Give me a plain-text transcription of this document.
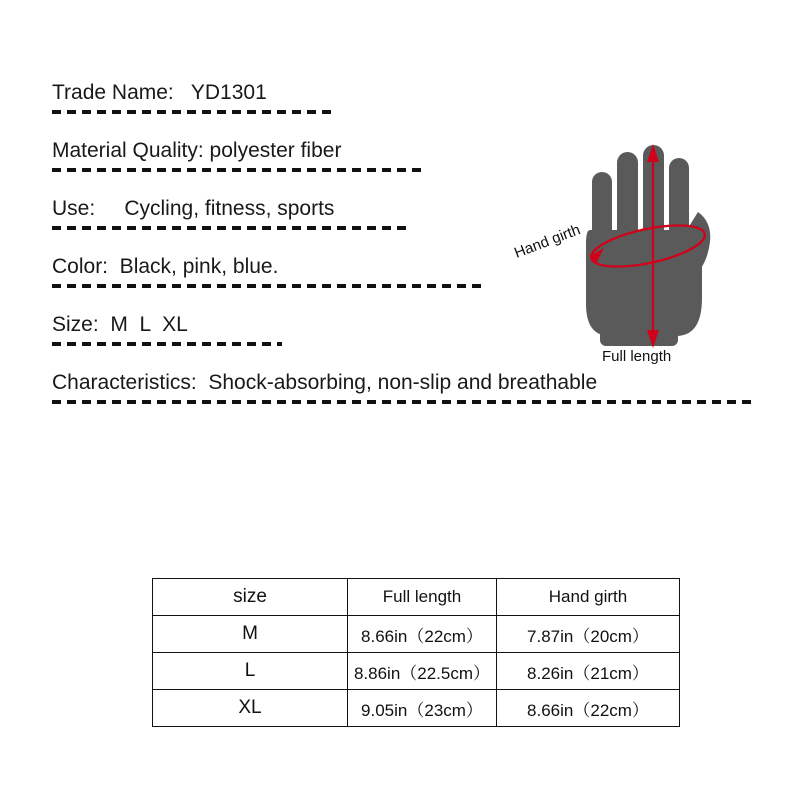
Trade Name:   YD1301
Material Quality: polyester fiber
Use:     Cycling, fitness, sports
Color:  Black, pink, blue.
Size:  M  L  XL
Characteristics:  Shock-absorbing, non-slip and breathable
Full length
Hand girth
size	Full length	Hand girth
M	8.66in（22cm）	7.87in（20cm）
L	8.86in（22.5cm）	8.26in（21cm）
XL	9.05in（23cm）	8.66in（22cm）
